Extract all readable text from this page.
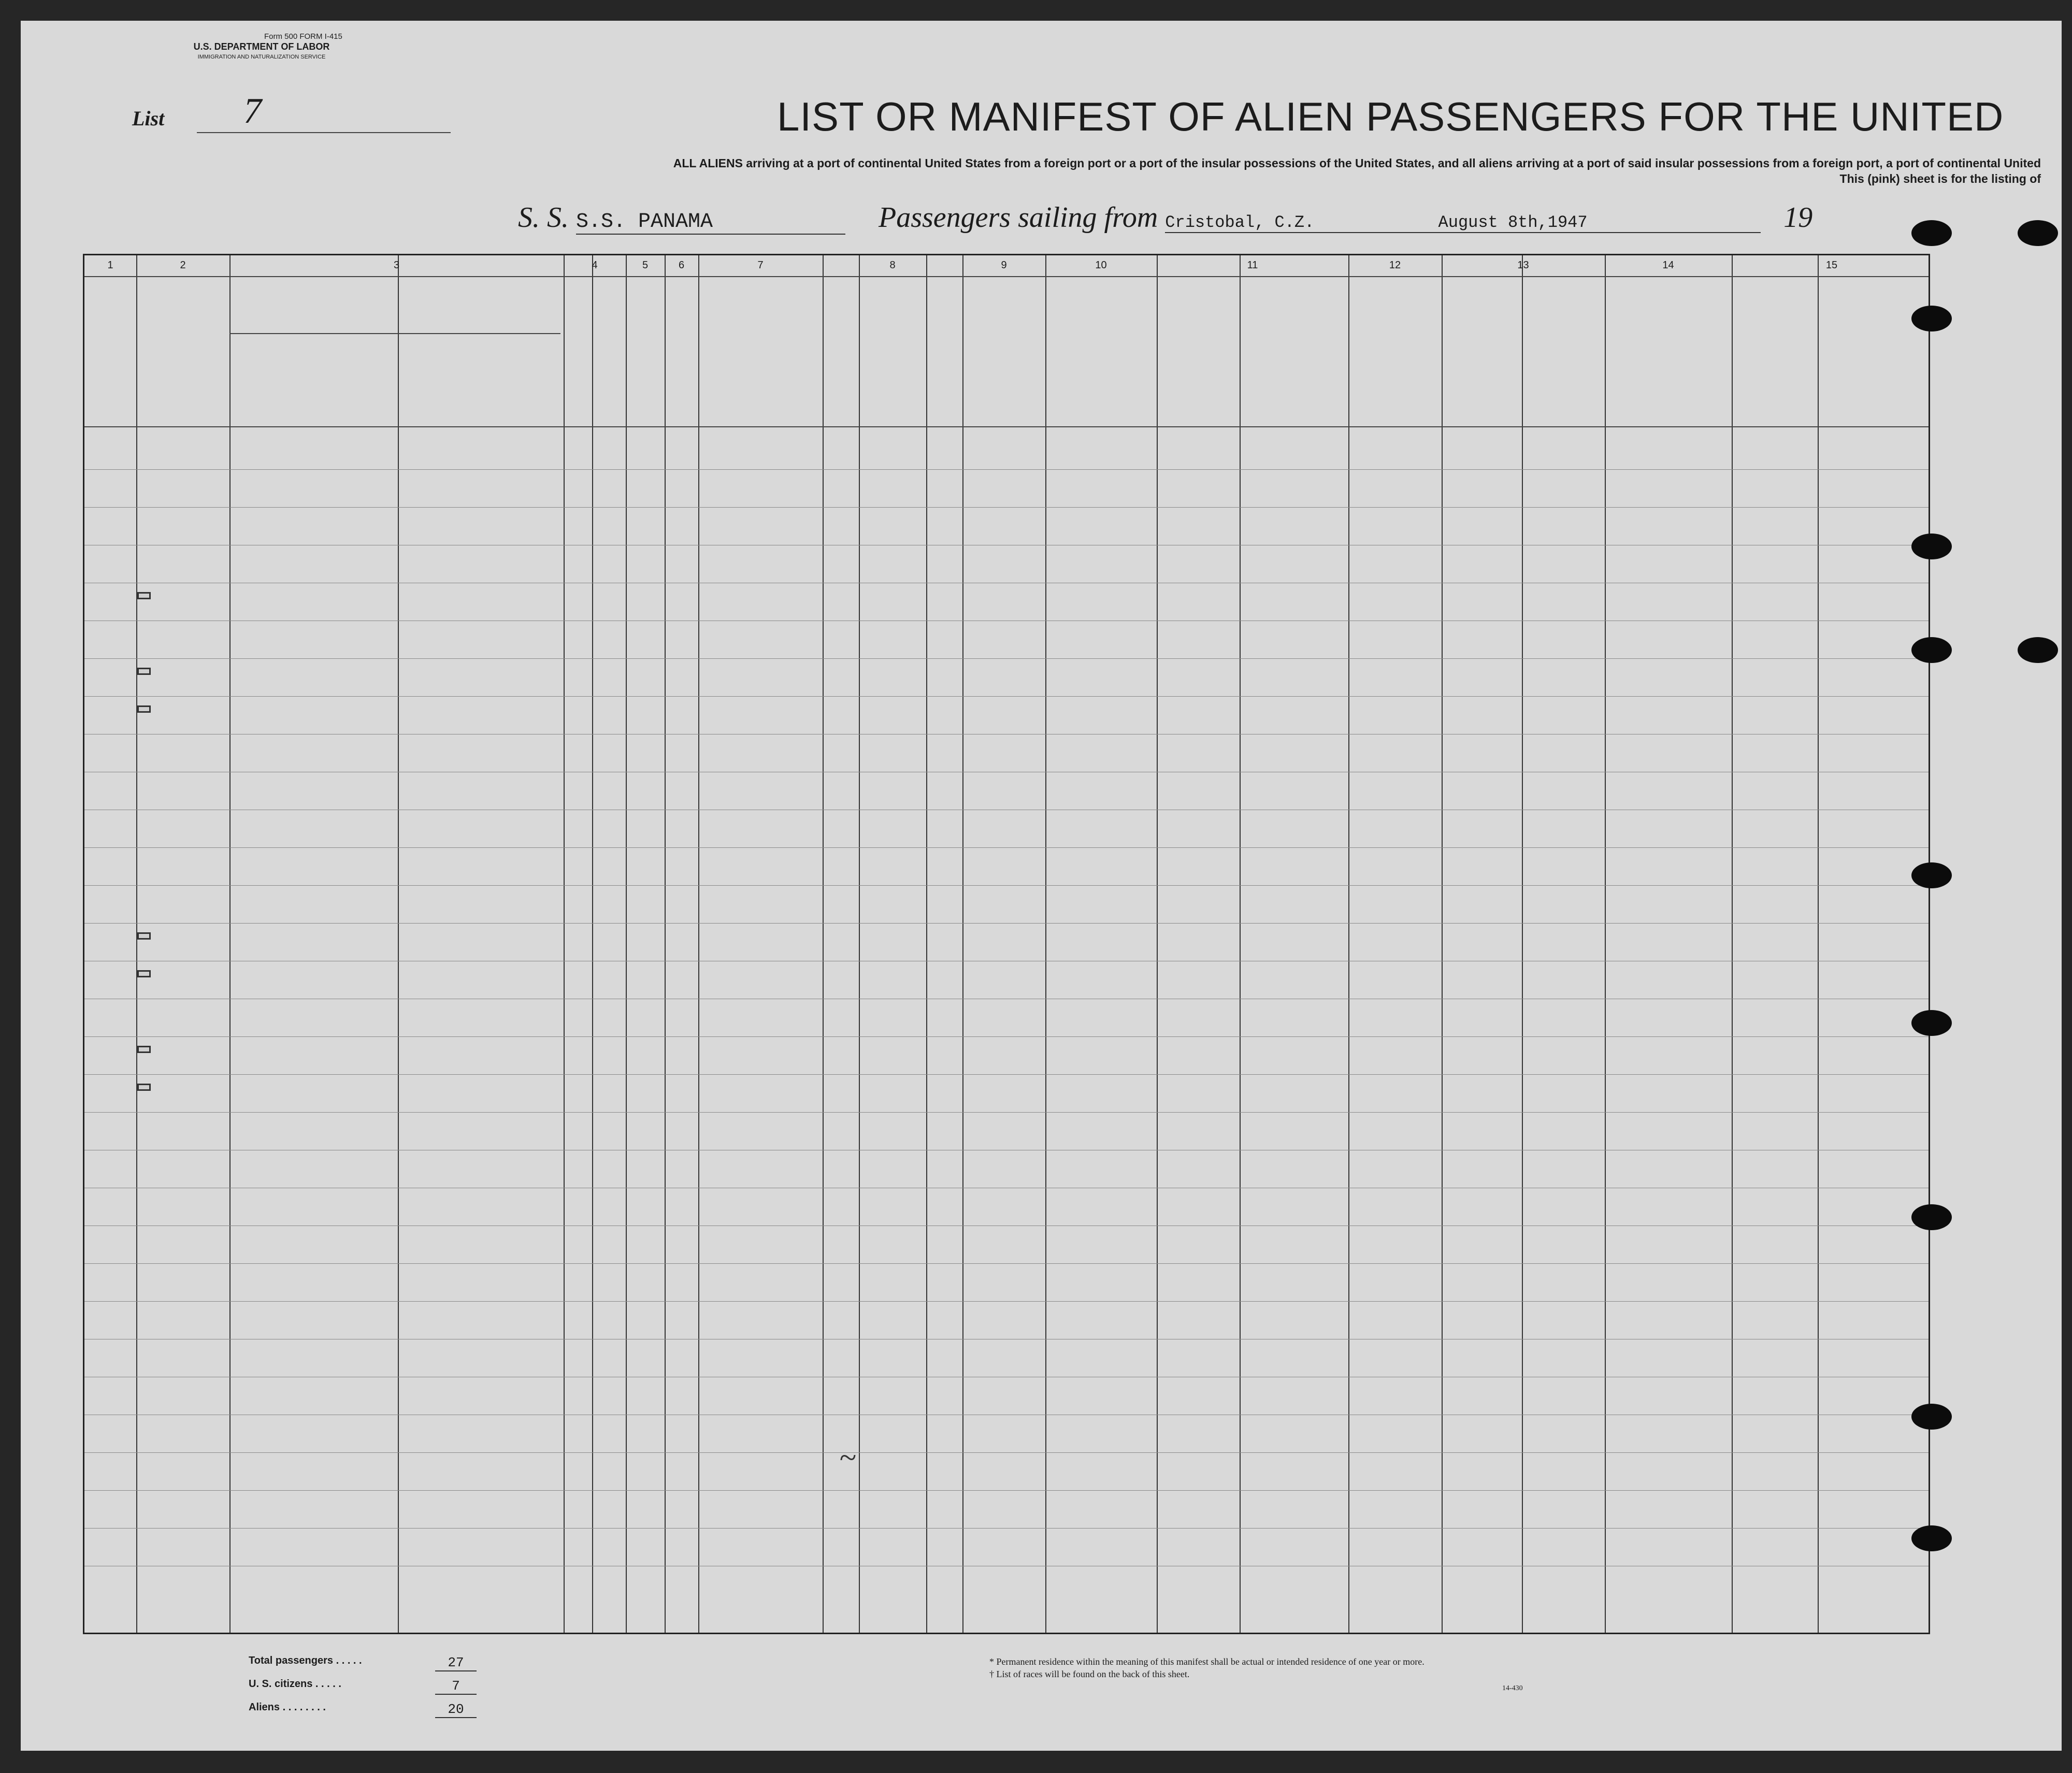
Form 500 FORM I-415
U.S. DEPARTMENT OF LABOR
IMMIGRATION AND NATURALIZATION SERVICE
List	7	LIST OR MANIFEST OF ALIEN PASSENGERS FOR THE UNITED
ALL ALIENS arriving at a port of continental United States from a foreign port or a port of the insular possessions of the United States, and all aliens arriving at a port of said insular possessions from a foreign port, a port of continental United
This (pink) sheet is for the listing of
S. S. S.S. PANAMA	Passengers sailing from Cristobal, C.Z.	August 8th,1947	19
1	2	3	4	5	6	7	8	9	10	11	12	13	14	15
Total passengers . . . . .	27
U. S. citizens . . . . .	7
Aliens . . . . . . . .	20
* Permanent residence within the meaning of this manifest shall be actual or intended residence of one year or more.
† List of races will be found on the back of this sheet.
14-430
~
